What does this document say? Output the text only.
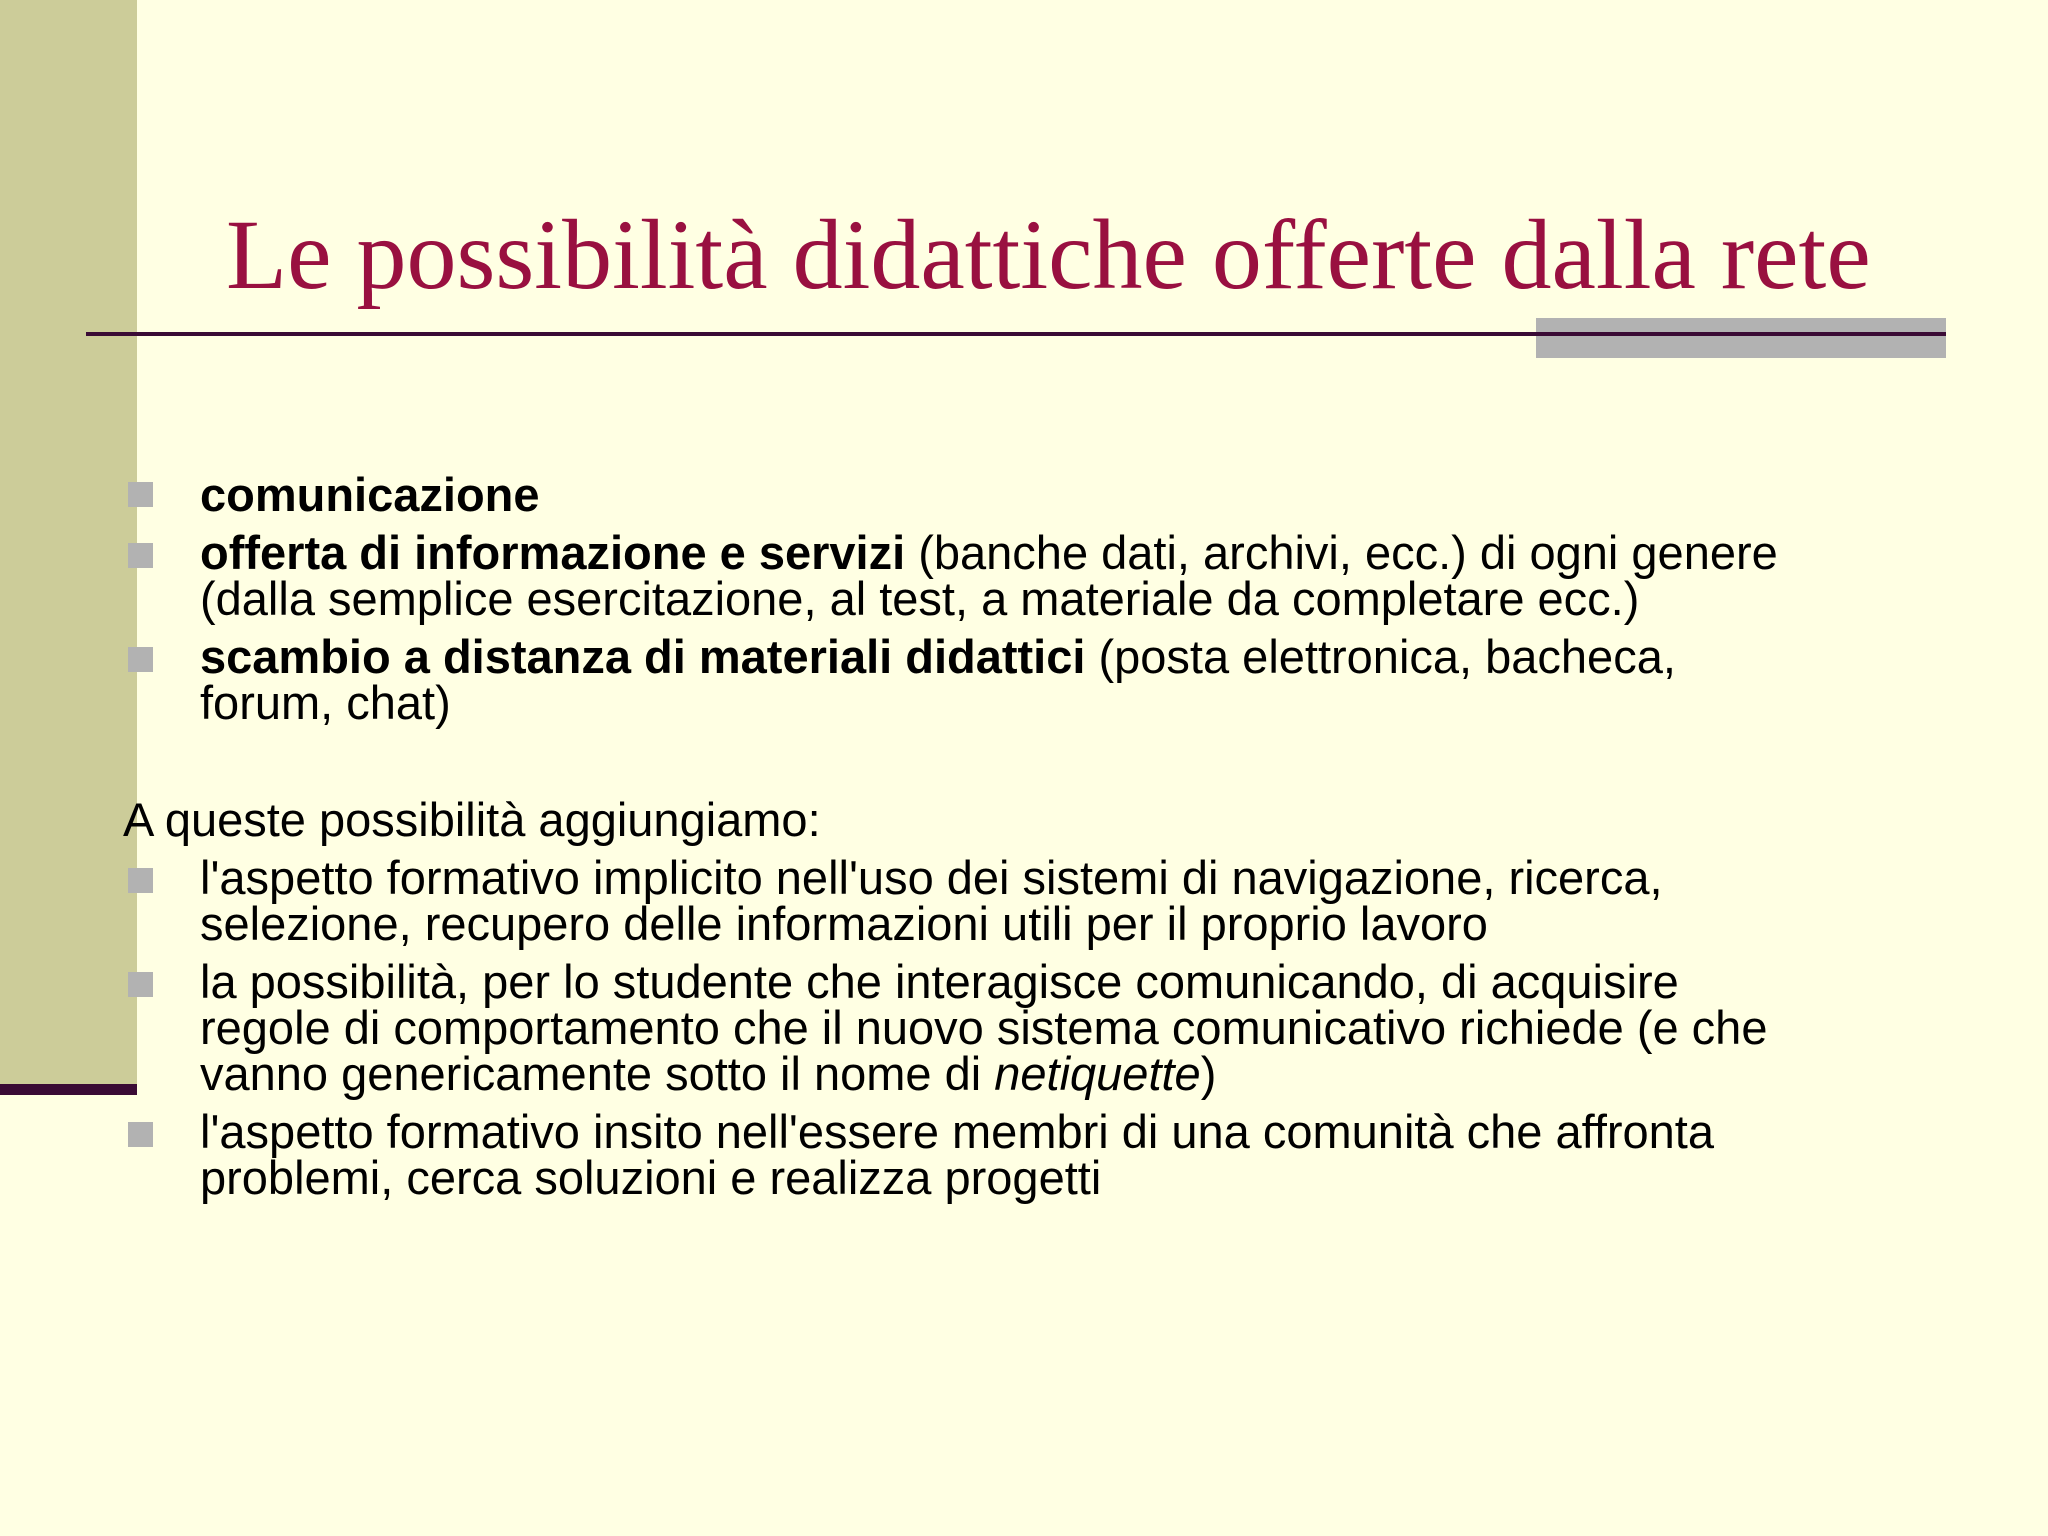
Le possibilità didattiche offerte dalla rete
comunicazione
offerta di informazione e servizi (banche dati, archivi, ecc.) di ogni genere
(dalla semplice esercitazione, al test, a materiale da completare ecc.)
scambio a distanza di materiali didattici (posta elettronica, bacheca,
forum, chat)
A queste possibilità aggiungiamo:
l'aspetto formativo implicito nell'uso dei sistemi di navigazione, ricerca,
selezione, recupero delle informazioni utili per il proprio lavoro
la possibilità, per lo studente che interagisce comunicando, di acquisire
regole di comportamento che il nuovo sistema comunicativo richiede (e che
vanno genericamente sotto il nome di netiquette)
l'aspetto formativo insito nell'essere membri di una comunità che affronta
problemi, cerca soluzioni e realizza progetti
